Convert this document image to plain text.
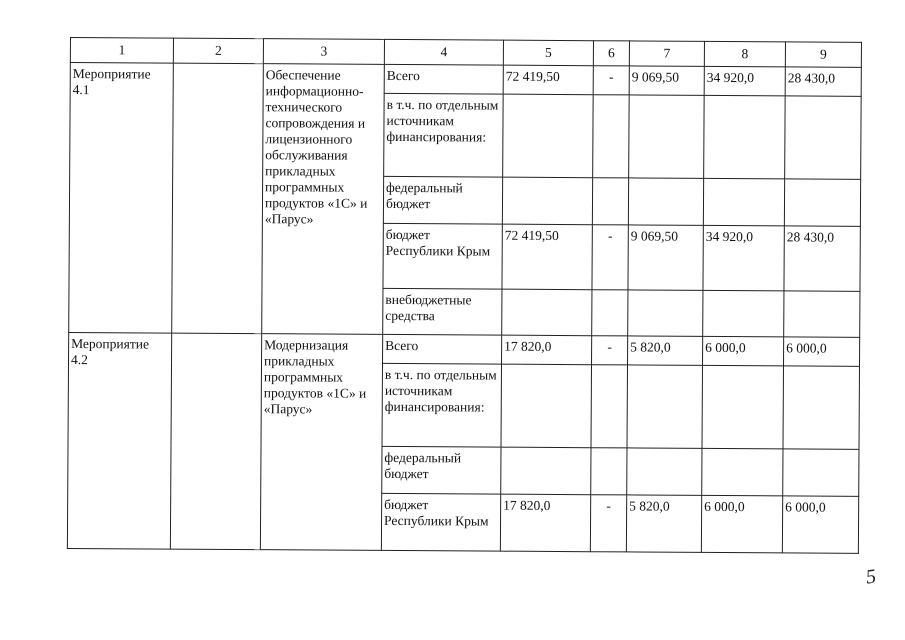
1	2	3	4	5	6	7	8	9
Мероприятие 4.1		Обеспечение информационно-технического сопровождения и лицензионного обслуживания прикладных программных продуктов «1С» и «Парус»	Всего	72 419,50	-	9 069,50	34 920,0	28 430,0
			в т.ч. по отдельным источникам финансирования:					
			федеральный бюджет					
			бюджет Республики Крым	72 419,50	-	9 069,50	34 920,0	28 430,0
			внебюджетные средства					
Мероприятие 4.2		Модернизация прикладных программных продуктов «1С» и «Парус»	Всего	17 820,0	-	5 820,0	6 000,0	6 000,0
			в т.ч. по отдельным источникам финансирования:					
			федеральный бюджет					
			бюджет Республики Крым	17 820,0	-	5 820,0	6 000,0	6 000,0
5
